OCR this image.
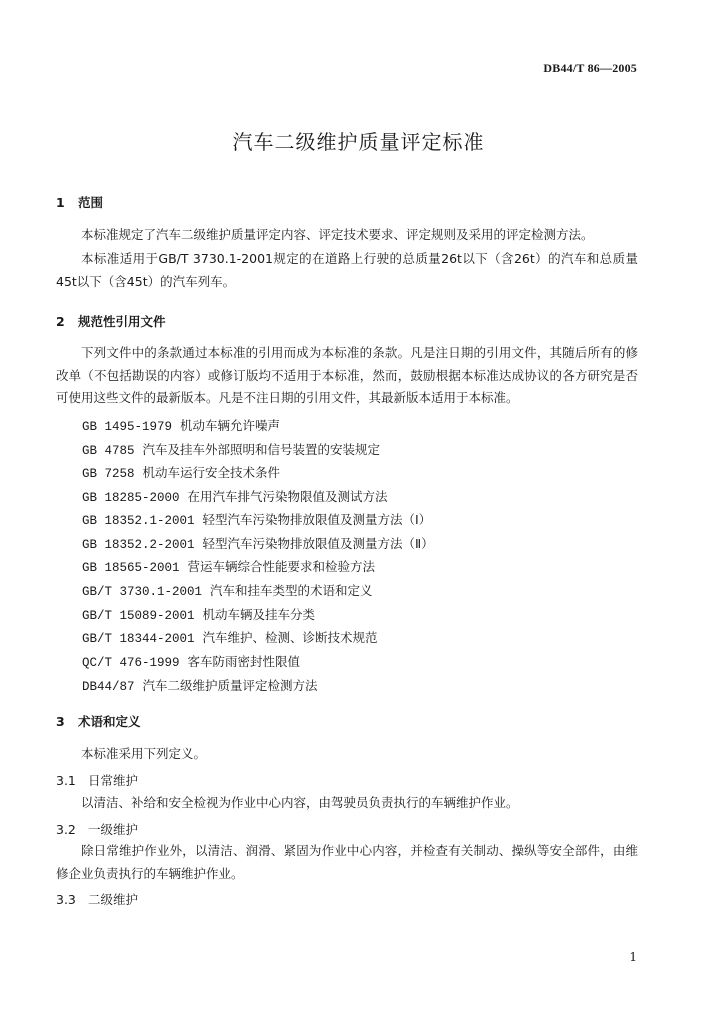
DB44/T 86—2005
汽车二级维护质量评定标准
1 范围
本标准规定了汽车二级维护质量评定内容、评定技术要求、评定规则及采用的评定检测方法。
本标准适用于GB/T 3730.1-2001规定的在道路上行驶的总质量26t以下（含26t）的汽车和总质量45t以下（含45t）的汽车列车。
2 规范性引用文件
下列文件中的条款通过本标准的引用而成为本标准的条款。凡是注日期的引用文件，其随后所有的修改单（不包括勘误的内容）或修订版均不适用于本标准，然而，鼓励根据本标准达成协议的各方研究是否可使用这些文件的最新版本。凡是不注日期的引用文件，其最新版本适用于本标准。
GB 1495-1979 机动车辆允许噪声
GB 4785 汽车及挂车外部照明和信号装置的安装规定
GB 7258 机动车运行安全技术条件
GB 18285-2000 在用汽车排气污染物限值及测试方法
GB 18352.1-2001 轻型汽车污染物排放限值及测量方法（Ⅰ）
GB 18352.2-2001 轻型汽车污染物排放限值及测量方法（Ⅱ）
GB 18565-2001 营运车辆综合性能要求和检验方法
GB/T 3730.1-2001 汽车和挂车类型的术语和定义
GB/T 15089-2001 机动车辆及挂车分类
GB/T 18344-2001 汽车维护、检测、诊断技术规范
QC/T 476-1999 客车防雨密封性限值
DB44/87 汽车二级维护质量评定检测方法
3 术语和定义
本标准采用下列定义。
3.1 日常维护
以清洁、补给和安全检视为作业中心内容，由驾驶员负责执行的车辆维护作业。
3.2 一级维护
除日常维护作业外，以清洁、润滑、紧固为作业中心内容，并检查有关制动、操纵等安全部件，由维修企业负责执行的车辆维护作业。
3.3 二级维护
1
